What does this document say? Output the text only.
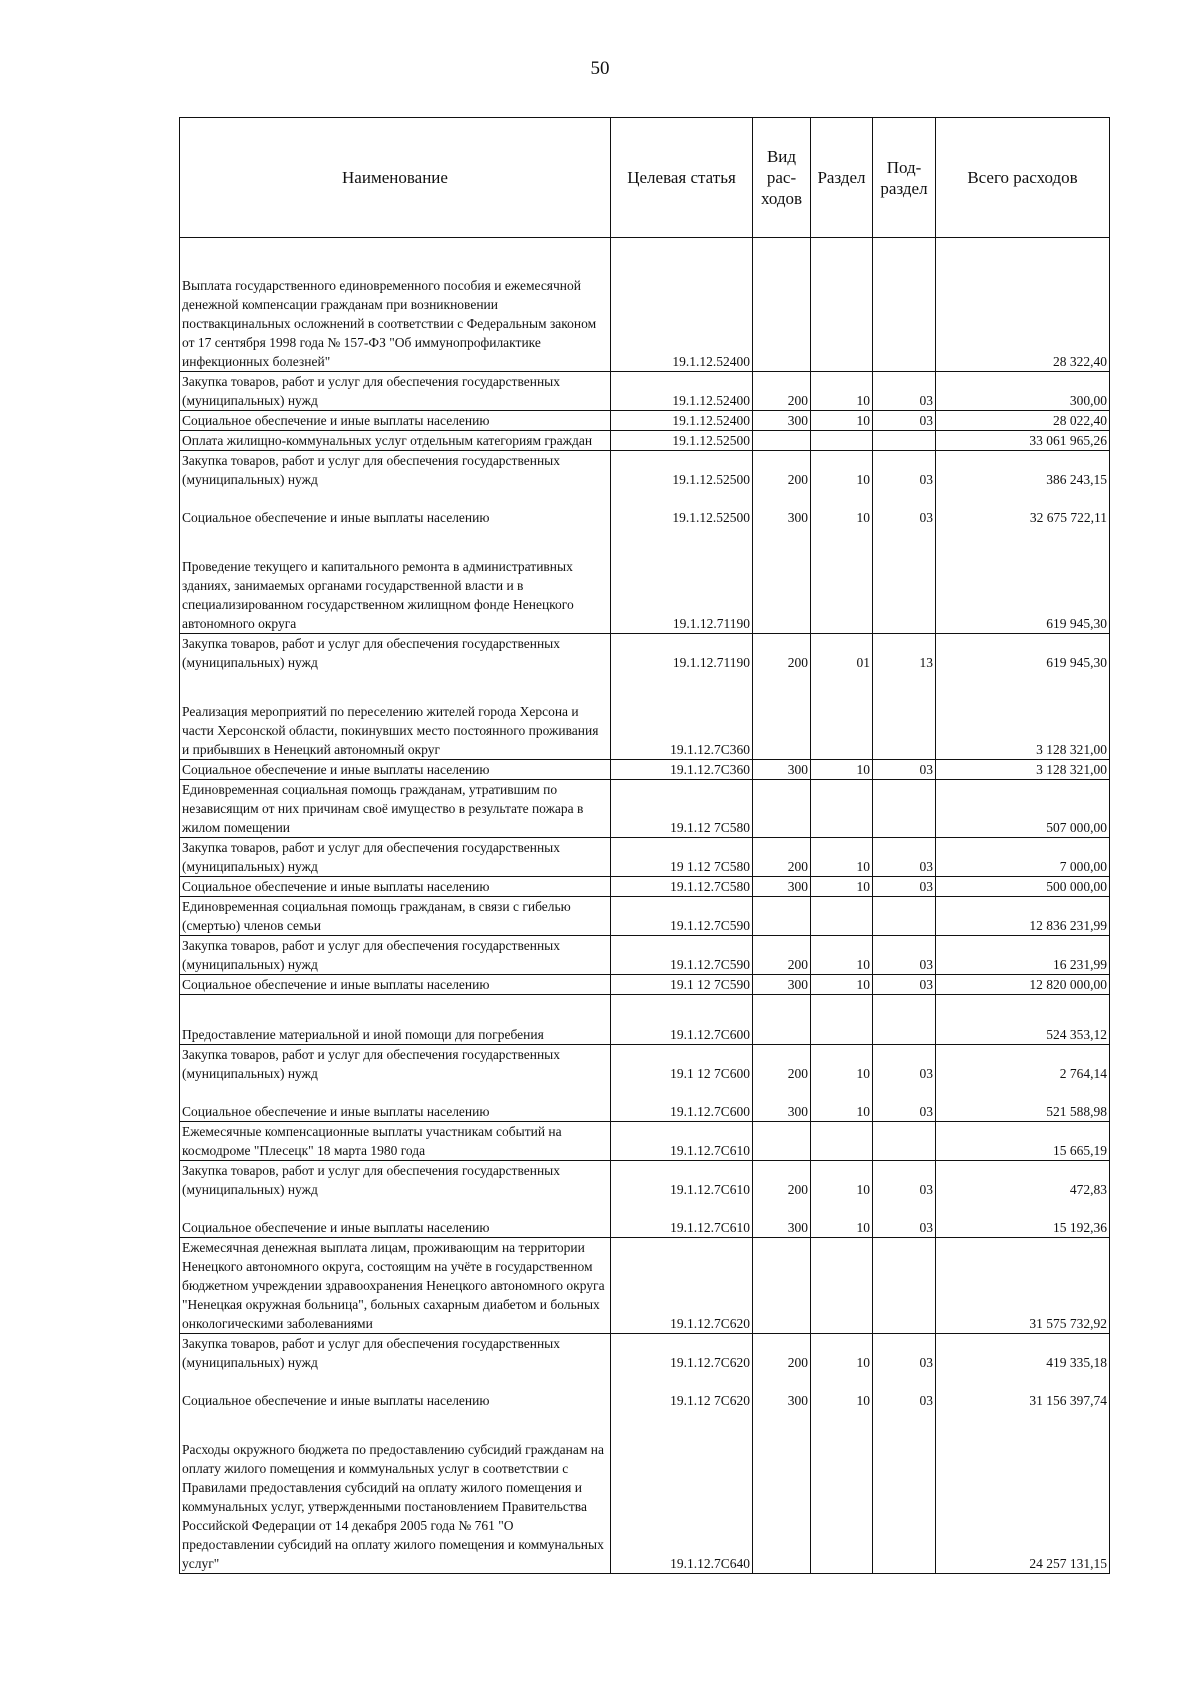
50
Наименование	Целевая статья	Вид рас-ходов	Раздел	Под-раздел	Всего расходов
Выплата государственного единовременного пособия и ежемесячной денежной компенсации гражданам при возникновении поствакцинальных осложнений в соответствии с Федеральным законом от 17 сентября 1998 года № 157-ФЗ "Об иммунопрофилактике инфекционных болезней"	19.1.12.52400				28 322,40
Закупка товаров, работ и услуг для обеспечения государственных (муниципальных) нужд	19.1.12.52400	200	10	03	300,00
Социальное обеспечение и иные выплаты населению	19.1.12.52400	300	10	03	28 022,40
Оплата жилищно-коммунальных услуг отдельным категориям граждан	19.1.12.52500				33 061 965,26
Закупка товаров, работ и услуг для обеспечения государственных (муниципальных) нужд	19.1.12.52500	200	10	03	386 243,15
Социальное обеспечение и иные выплаты населению	19.1.12.52500	300	10	03	32 675 722,11
Проведение текущего и капитального ремонта в административных зданиях, занимаемых органами государственной власти и в специализированном государственном жилищном фонде Ненецкого автономного округа	19.1.12.71190				619 945,30
Закупка товаров, работ и услуг для обеспечения государственных (муниципальных) нужд	19.1.12.71190	200	01	13	619 945,30
Реализация мероприятий по переселению жителей города Херсона и части Херсонской области, покинувших место постоянного проживания и прибывших в Ненецкий автономный округ	19.1.12.7С360				3 128 321,00
Социальное обеспечение и иные выплаты населению	19.1.12.7С360	300	10	03	3 128 321,00
Единовременная социальная помощь гражданам, утратившим по независящим от них причинам своё имущество в результате пожара в жилом помещении	19.1.12 7С580				507 000,00
Закупка товаров, работ и услуг для обеспечения государственных (муниципальных) нужд	19 1.12 7С580	200	10	03	7 000,00
Социальное обеспечение и иные выплаты населению	19.1.12.7С580	300	10	03	500 000,00
Единовременная социальная помощь гражданам, в связи с гибелью (смертью) членов семьи	19.1.12.7С590				12 836 231,99
Закупка товаров, работ и услуг для обеспечения государственных (муниципальных) нужд	19.1.12.7С590	200	10	03	16 231,99
Социальное обеспечение и иные выплаты населению	19.1 12 7С590	300	10	03	12 820 000,00
Предоставление материальной и иной помощи для погребения	19.1.12.7С600				524 353,12
Закупка товаров, работ и услуг для обеспечения государственных (муниципальных) нужд	19.1 12 7С600	200	10	03	2 764,14
Социальное обеспечение и иные выплаты населению	19.1.12.7С600	300	10	03	521 588,98
Ежемесячные компенсационные выплаты участникам событий на космодроме "Плесецк" 18 марта 1980 года	19.1.12.7С610				15 665,19
Закупка товаров, работ и услуг для обеспечения государственных (муниципальных) нужд	19.1.12.7С610	200	10	03	472,83
Социальное обеспечение и иные выплаты населению	19.1.12.7С610	300	10	03	15 192,36
Ежемесячная денежная выплата лицам, проживающим на территории Ненецкого автономного округа, состоящим на учёте в государственном бюджетном учреждении здравоохранения Ненецкого автономного округа "Ненецкая окружная больница", больных сахарным диабетом и больных онкологическими заболеваниями	19.1.12.7С620				31 575 732,92
Закупка товаров, работ и услуг для обеспечения государственных (муниципальных) нужд	19.1.12.7С620	200	10	03	419 335,18
Социальное обеспечение и иные выплаты населению	19.1.12 7С620	300	10	03	31 156 397,74
Расходы окружного бюджета по предоставлению субсидий гражданам на оплату жилого помещения и коммунальных услуг в соответствии с Правилами предоставления субсидий на оплату жилого помещения и коммунальных услуг, утвержденными постановлением Правительства Российской Федерации от 14 декабря 2005 года № 761 "О предоставлении субсидий на оплату жилого помещения и коммунальных услуг"	19.1.12.7С640				24 257 131,15
